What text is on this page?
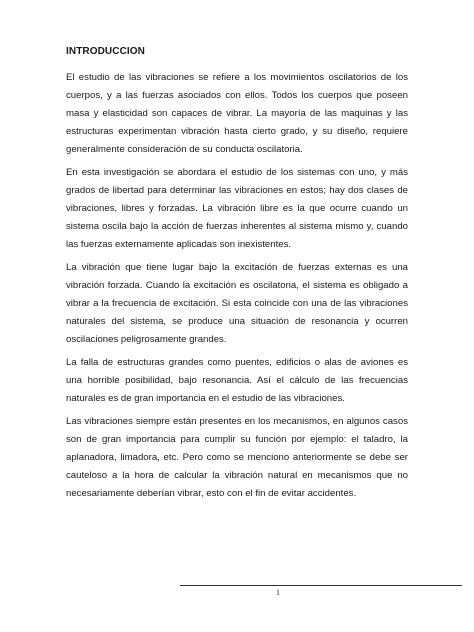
INTRODUCCION

El estudio de las vibraciones se refiere a los movimientos oscilatorios de los cuerpos, y a las fuerzas asociados con ellos. Todos los cuerpos que poseen masa y elasticidad son capaces de vibrar. La mayoría de las maquinas y las estructuras experimentan vibración hasta cierto grado, y su diseño, requiere generalmente consideración de su conducta oscilatoria.

En esta investigación se abordara el estudio de los sistemas con uno, y más grados de libertad para determinar las vibraciones en estos; hay dos clases de vibraciones, libres y forzadas. La vibración libre es la que ocurre cuando un sistema oscila bajo la acción de fuerzas inherentes al sistema mismo y, cuando las fuerzas externamente aplicadas son inexistentes.

La vibración que tiene lugar bajo la excitación de fuerzas externas es una vibración forzada. Cuando la excitación es oscilatoria, el sistema es obligado a vibrar a la frecuencia de excitación. Si esta coincide con una de las vibraciones naturales del sistema, se produce una situación de resonancia y ocurren oscilaciones peligrosamente grandes.

La falla de estructuras grandes como puentes, edificios o alas de aviones es una horrible posibilidad, bajo resonancia. Así el cálculo de las frecuencias naturales es de gran importancia en el estudio de las vibraciones.

Las vibraciones siempre están presentes en los mecanismos, en algunos casos son de gran importancia para cumplir su función por ejemplo: el taladro, la aplanadora, limadora, etc. Pero como se menciono anteriormente se debe ser cauteloso a la hora de calcular la vibración natural en mecanismos que no necesariamente deberían vibrar, esto con el fin de evitar accidentes.

1
